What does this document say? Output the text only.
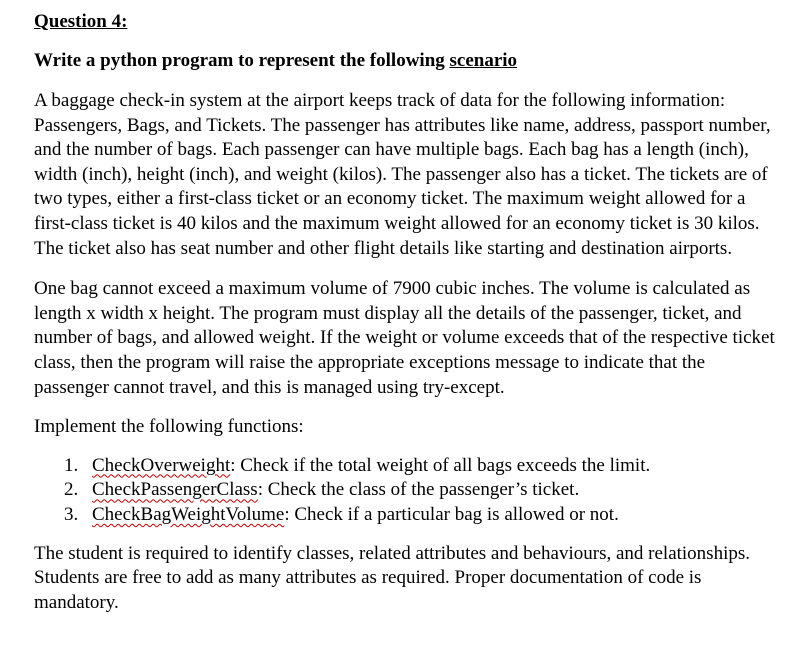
Question 4:

Write a python program to represent the following scenario

A baggage check-in system at the airport keeps track of data for the following information: Passengers, Bags, and Tickets. The passenger has attributes like name, address, passport number, and the number of bags. Each passenger can have multiple bags. Each bag has a length (inch), width (inch), height (inch), and weight (kilos). The passenger also has a ticket. The tickets are of two types, either a first-class ticket or an economy ticket. The maximum weight allowed for a first-class ticket is 40 kilos and the maximum weight allowed for an economy ticket is 30 kilos. The ticket also has seat number and other flight details like starting and destination airports.

One bag cannot exceed a maximum volume of 7900 cubic inches. The volume is calculated as length x width x height. The program must display all the details of the passenger, ticket, and number of bags, and allowed weight. If the weight or volume exceeds that of the respective ticket class, then the program will raise the appropriate exceptions message to indicate that the passenger cannot travel, and this is managed using try-except.

Implement the following functions:

1. CheckOverweight: Check if the total weight of all bags exceeds the limit.
2. CheckPassengerClass: Check the class of the passenger’s ticket.
3. CheckBagWeightVolume: Check if a particular bag is allowed or not.

The student is required to identify classes, related attributes and behaviours, and relationships. Students are free to add as many attributes as required. Proper documentation of code is mandatory.
